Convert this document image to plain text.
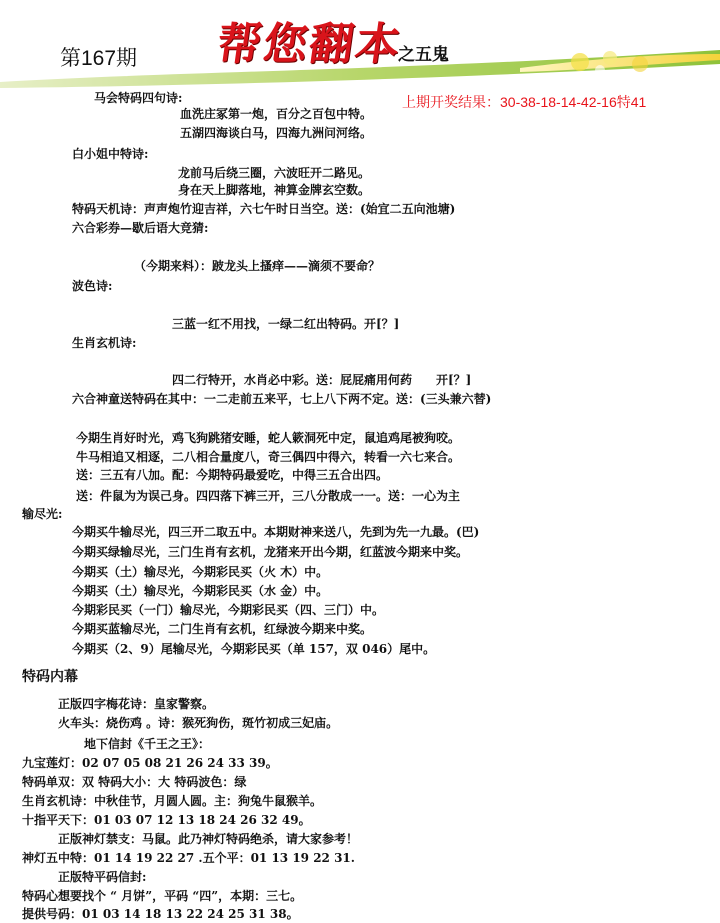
第167期 帮您翻本
之五鬼
上期开奖结果：30-38-18-14-42-16特41
马会特码四句诗:
血洗庄冢第一炮，百分之百包中特。
五湖四海谈白马，四海九洲问河络。
白小姐中特诗:
龙前马后绕三圈，六波旺开二路见。
身在天上脚落地，神算金牌玄空数。
特码天机诗：声声炮竹迎吉祥，六七午时日当空。送：(始宜二五向池塘)
六合彩券—歇后语大竞猜:
（今期来料）：跛龙头上搔痒——滴须不要命？
波色诗:
三蓝一红不用找，一绿二红出特码。开[？]
生肖玄机诗:
四二行特开，水肖必中彩。送：屁屁痛用何药　　开[？]
六合神童送特码在其中：一二走前五来平，七上八下两不定。送：(三头兼六替)
今期生肖好时光，鸡飞狗跳猪安睡，蛇人簌洞死中定，鼠追鸡尾被狗咬。
牛马相追又相逐，二八相合量度八，奇三偶四中得六，转看一六七来合。
送：三五有八加。配：今期特码最爱吃，中得三五合出四。
送：件鼠为为误己身。四四落下裤三开，三八分散成一一。送：一心为主
输尽光:
今期买牛输尽光，四三开二取五中。本期财神来送八，先到为先一九最。(巴)
今期买绿输尽光，三门生肖有玄机，龙猪来开出今期，红蓝波今期来中奖。
今期买（土）输尽光，今期彩民买（火 木）中。
今期买（土）输尽光，今期彩民买（水 金）中。
今期彩民买（一门）输尽光，今期彩民买（四、三门）中。
今期买蓝输尽光，二门生肖有玄机，红绿波今期来中奖。
今期买（2、9）尾输尽光，今期彩民买（单 157，双 046）尾中。
特码内幕
正版四字梅花诗：皇家警察。
火车头：烧伤鸡 。诗：猴死狗伤，斑竹初成三妃庙。
地下信封《千王之王》：
九宝莲灯：02 07 05 08 21 26 24 33 39。
特码单双：双 特码大小：大 特码波色：绿
生肖玄机诗：中秋佳节，月圆人圆。主：狗兔牛鼠猴羊。
十指平天下：01 03 07 12 13 18 24 26 32 49。
正版神灯禁支：马鼠。此乃神灯特码绝杀，请大家参考！
神灯五中特：01 14 19 22 27 .五个平：01 13 19 22 31.
正版特平码信封:
特码心想要找个 “ 月饼”，平码 “四”，本期：三七。
提供号码：01 03 14 18 13 22 24 25 31 38。
